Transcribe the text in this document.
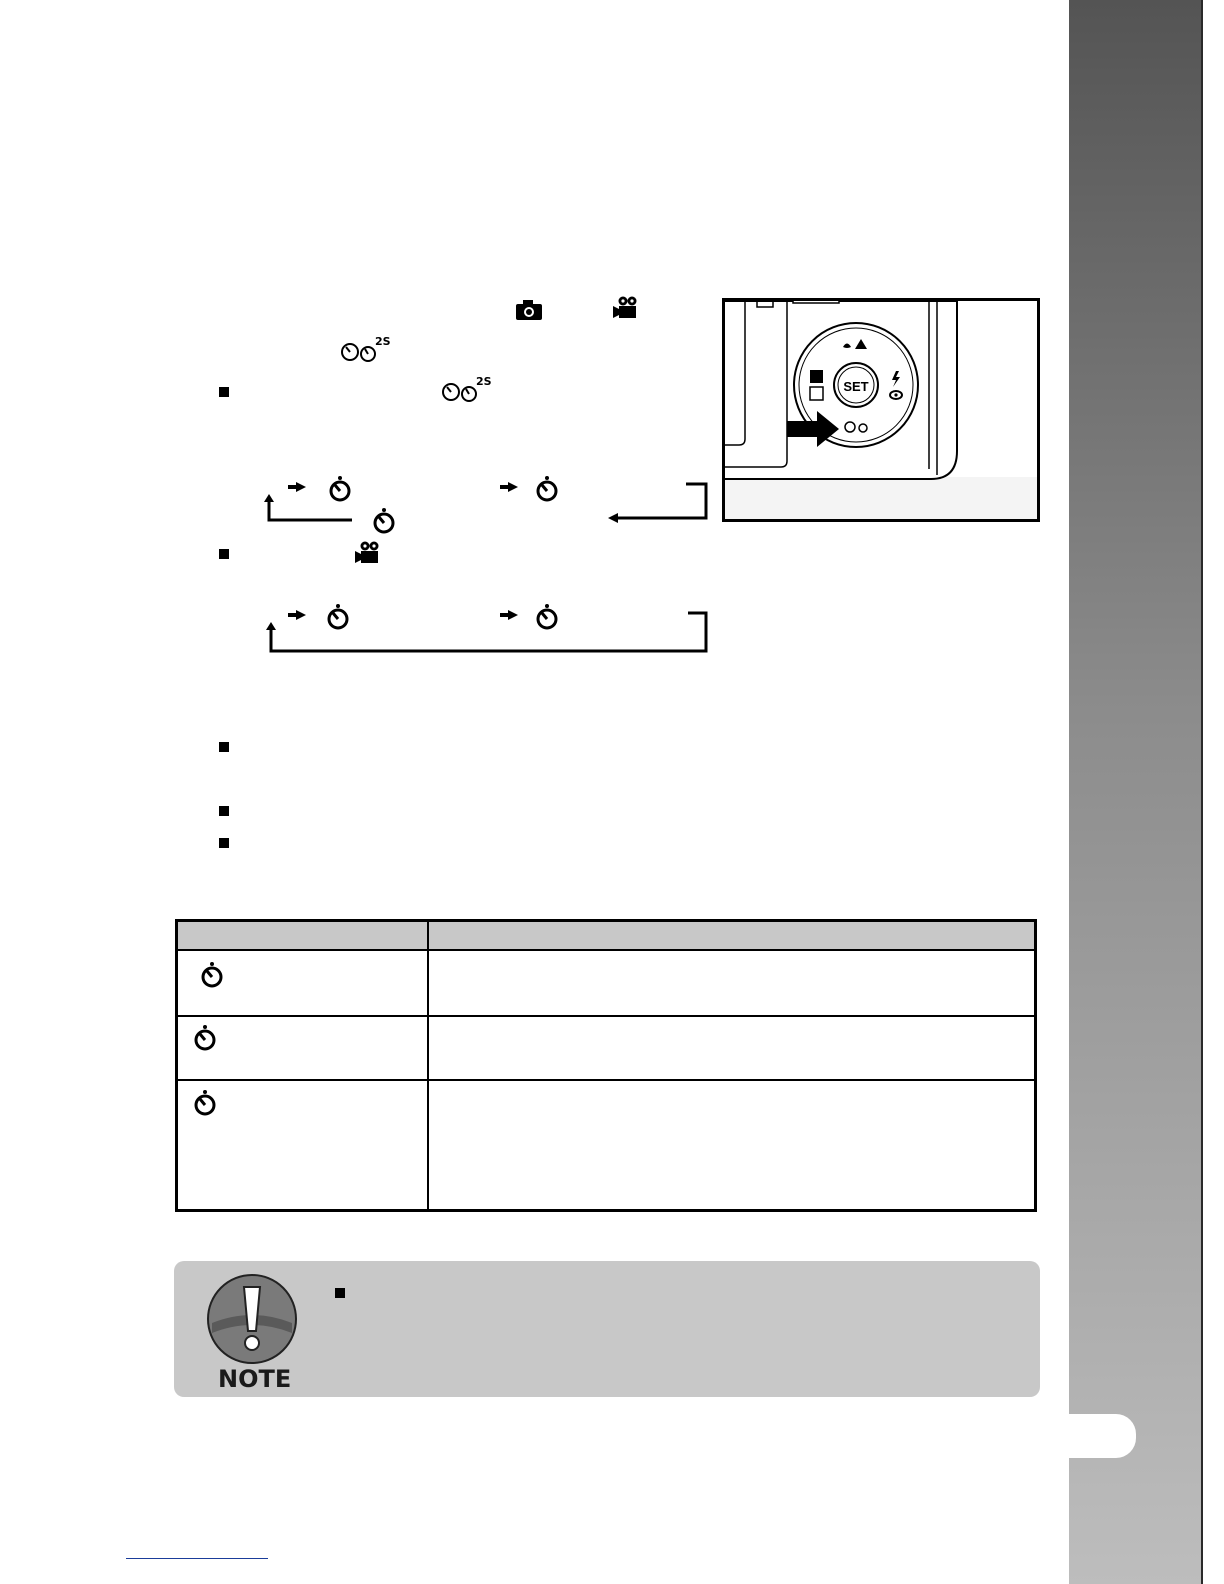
2S
2S	SET
NOTE
